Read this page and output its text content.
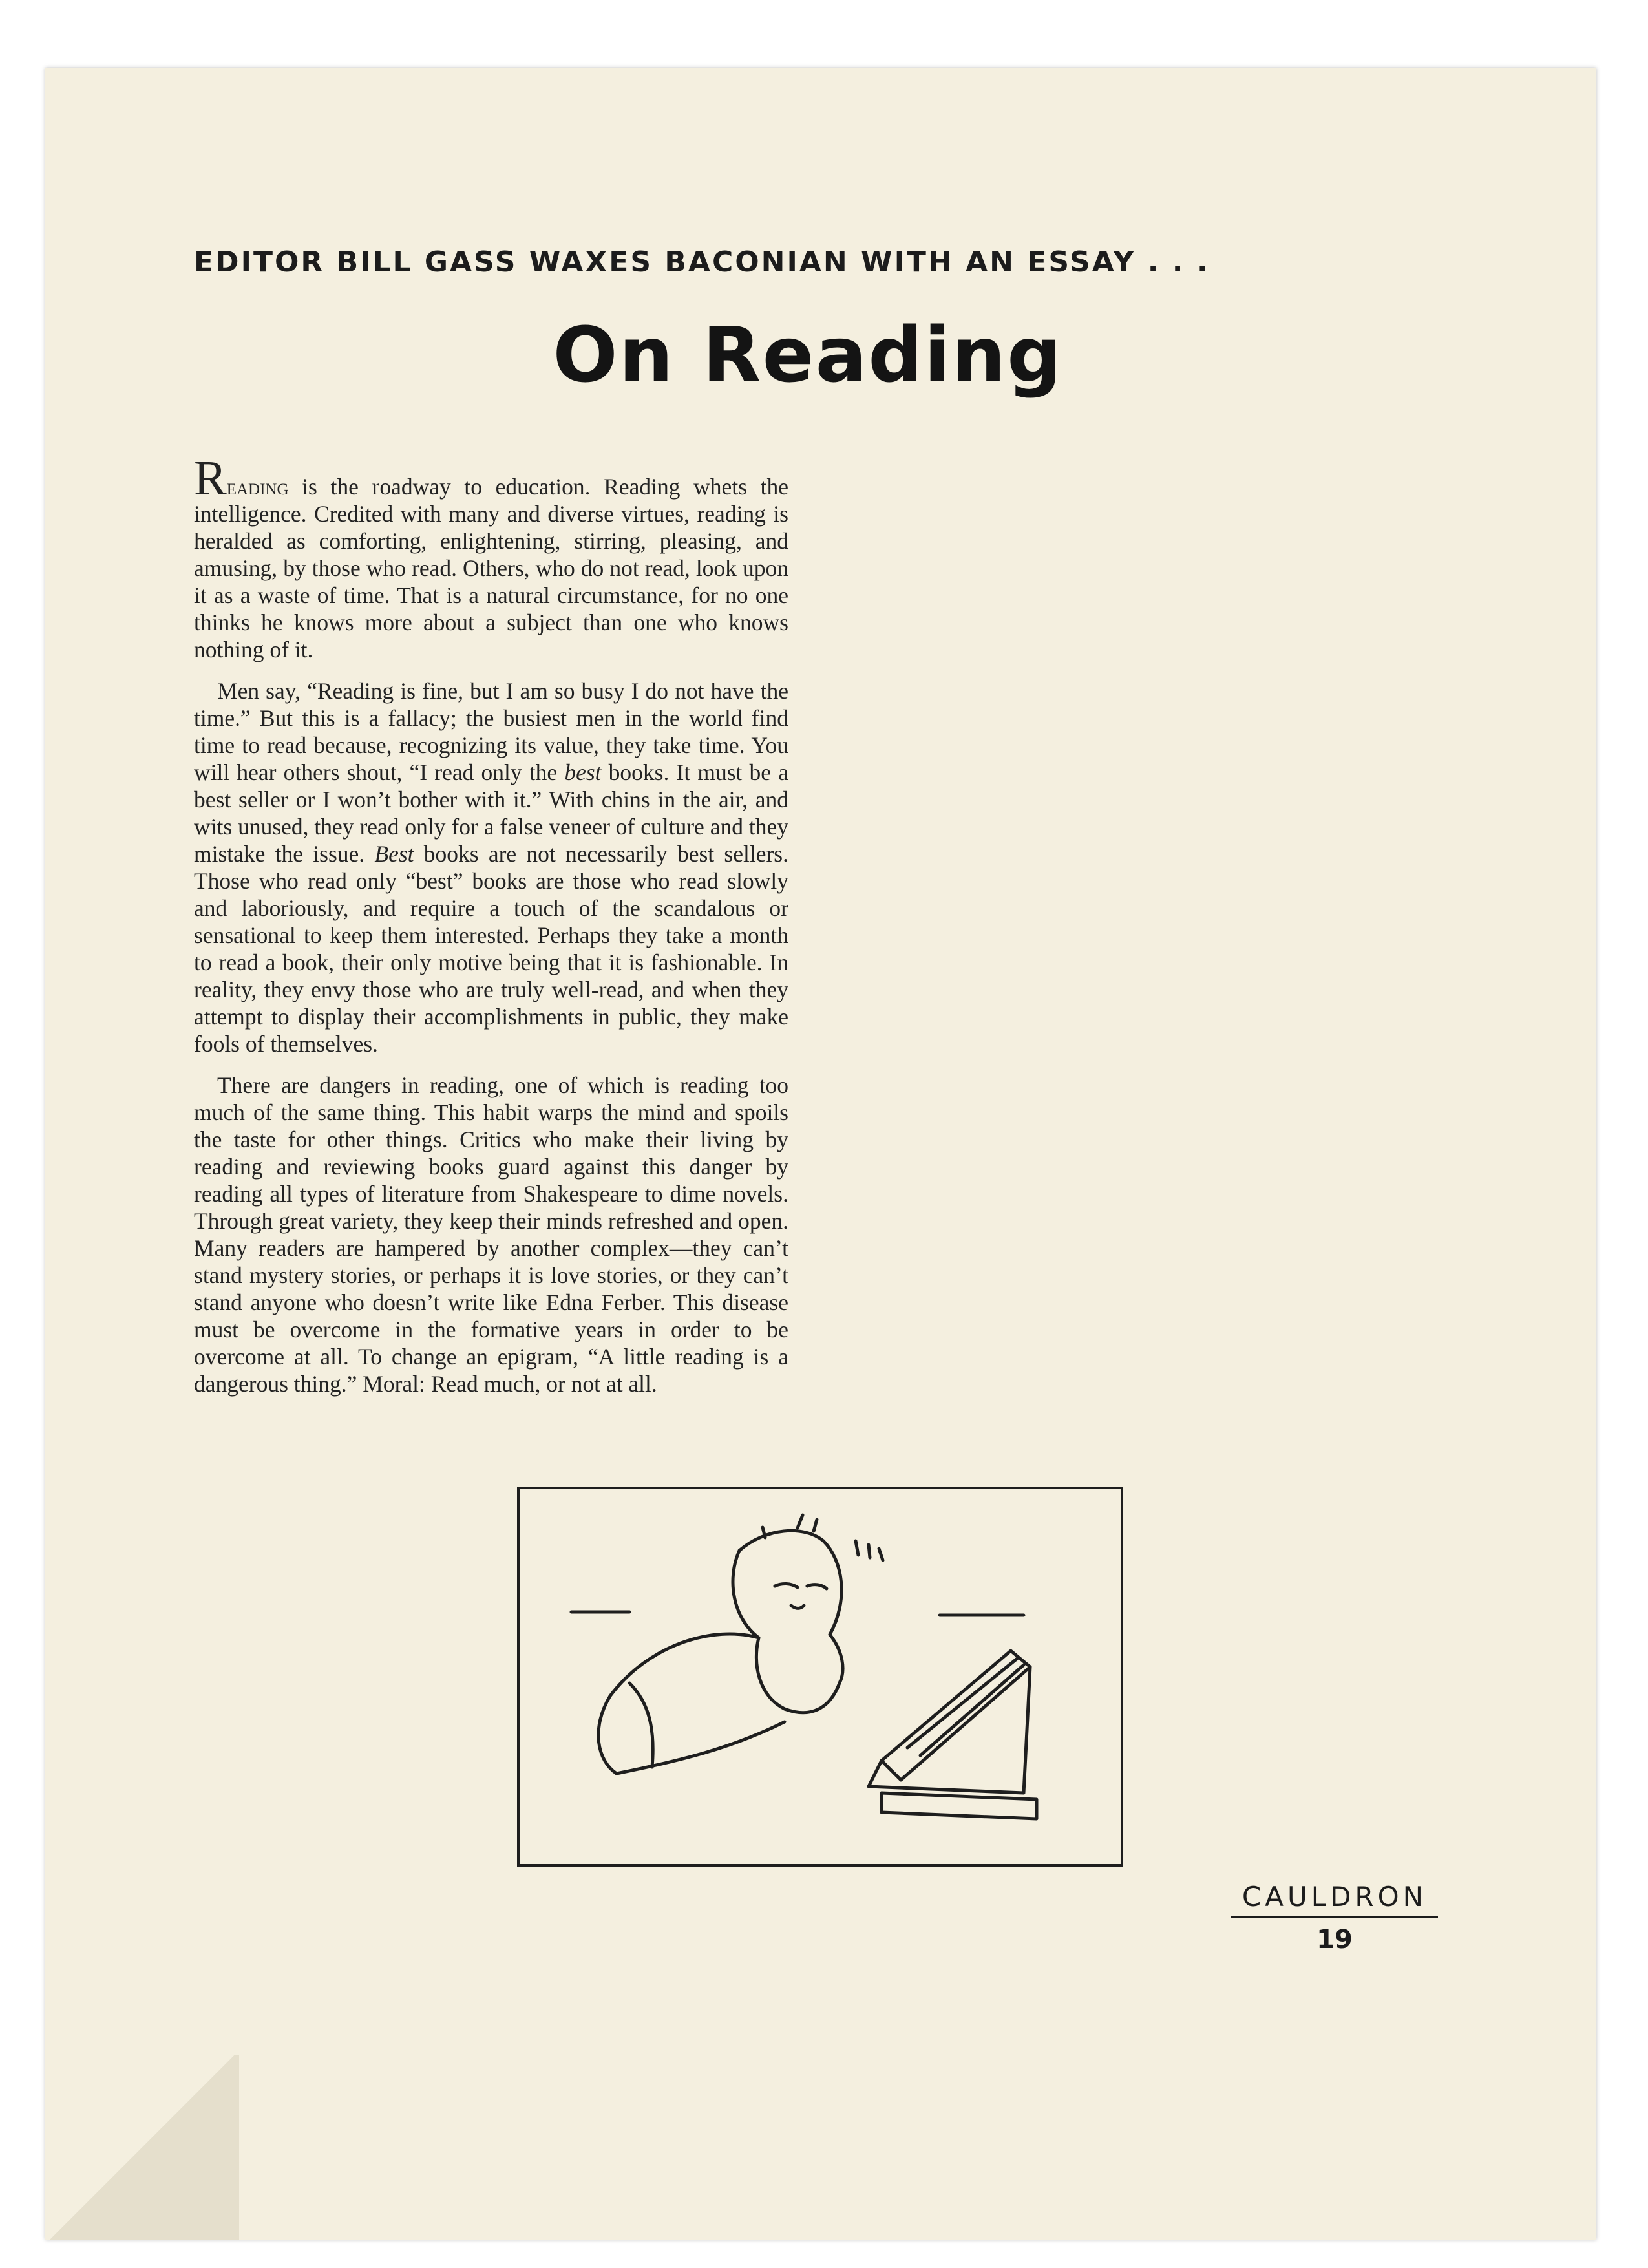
EDITOR BILL GASS WAXES BACONIAN WITH AN ESSAY . . .
On Reading

Reading is the roadway to education. Reading whets the intelligence. Credited with many and diverse virtues, reading is heralded as comforting, enlightening, stirring, pleasing, and amusing, by those who read. Others, who do not read, look upon it as a waste of time. That is a natural circumstance, for no one thinks he knows more about a subject than one who knows nothing of it.

Men say, “Reading is fine, but I am so busy I do not have the time.” But this is a fallacy; the busiest men in the world find time to read because, recognizing its value, they take time. You will hear others shout, “I read only the best books. It must be a best seller or I won’t bother with it.” With chins in the air, and wits unused, they read only for a false veneer of culture and they mistake the issue. Best books are not necessarily best sellers. Those who read only “best” books are those who read slowly and laboriously, and require a touch of the scandalous or sensational to keep them interested. Perhaps they take a month to read a book, their only motive being that it is fashionable. In reality, they envy those who are truly well-read, and when they attempt to display their accomplishments in public, they make fools of themselves.

There are dangers in reading, one of which is reading too much of the same thing. This habit warps the mind and spoils the taste for other things. Critics who make their living by reading and reviewing books guard against this danger by reading all types of literature from Shakespeare to dime novels. Through great variety, they keep their minds refreshed and open. Many readers are hampered by another complex—they can’t stand mystery stories, or perhaps it is love stories, or they can’t stand anyone who doesn’t write like Edna Ferber. This disease must be overcome in the formative years in order to be overcome at all. To change an epigram, “A little reading is a dangerous thing.” Moral: Read much, or not at all.

CAULDRON
19
